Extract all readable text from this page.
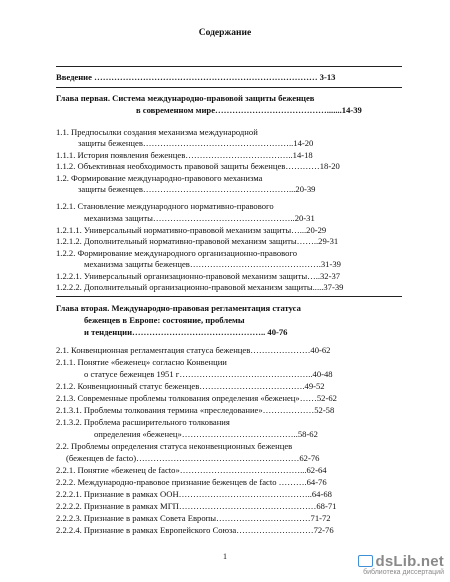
Содержание
Введение …………………………………………………………………… 3-13
Глава первая. Система международно-правовой защиты беженцев
в современном мире………………………………….......14-39
1.1. Предпосылки создания механизма международной
защиты беженцев……………………………………………..14-20
1.1.1. История появления беженцев………………………………..14-18
1.1.2. Объективная необходимость правовой защиты беженцев…………18-20
1.2. Формирование международно-правового механизма
защиты беженцев……………………………………………...20-39
1.2.1. Становление международного нормативно-правового
механизма защиты…………………………………………..20-31
1.2.1.1. Универсальный нормативно-правовой механизм защиты…...20-29
1.2.1.2. Дополнительный нормативно-правовой механизм защиты……..29-31
1.2.2. Формирование международного организационно-правового
механизма защиты беженцев……………………………………….31-39
1.2.2.1. Универсальный организационно-правовой механизм защиты…..32-37
1.2.2.2. Дополнительный организационно-правовой механизм защиты.....37-39
Глава вторая. Международно-правовая регламентация статуса
беженцев в Европе: состояние, проблемы
и тенденции……………………………………….. 40-76
2.1. Конвенционная регламентация статуса беженцев…………………40-62
2.1.1. Понятие «беженец» согласно Конвенции
о статусе беженцев 1951 г………………………………………..40-48
2.1.2. Конвенционный статус беженцев……………………………….49-52
2.1.3. Современные проблемы толкования определения «беженец»……52-62
2.1.3.1. Проблемы толкования термина «преследование»………………52-58
2.1.3.2. Проблема расширительного толкования
определения «беженец»…………………………………..58-62
2.2. Проблемы определения статуса неконвенционных беженцев
(беженцев de facto)…………………………………………………62-76
2.2.1. Понятие «беженец de facto»……………………………………...62-64
2.2.2. Международно-правовое признание беженцев de facto ……….64-76
2.2.2.1. Признание в рамках ООН………………………………………..64-68
2.2.2.2. Признание в рамках МГП…………………………………………68-71
2.2.2.3. Признание в рамках Совета Европы……………………………71-72
2.2.2.4. Признание в рамках Европейского Союза………………………72-76
1	dsLib.net
библиотека диссертаций
